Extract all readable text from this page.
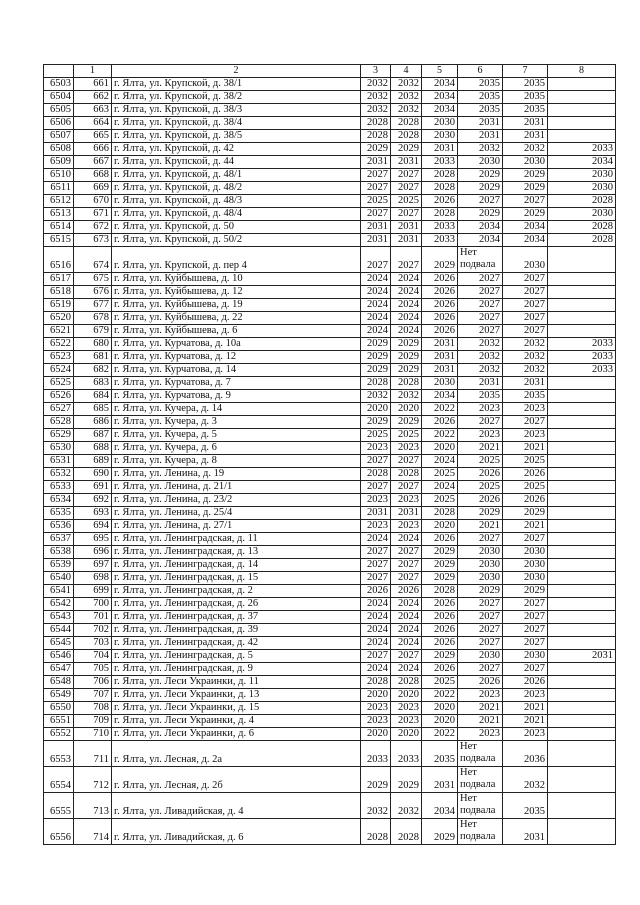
	1	2	3	4	5	6	7	8
6503	661	г. Ялта, ул. Крупской, д. 38/1	2032	2032	2034	2035	2035	
6504	662	г. Ялта, ул. Крупской, д. 38/2	2032	2032	2034	2035	2035	
6505	663	г. Ялта, ул. Крупской, д. 38/3	2032	2032	2034	2035	2035	
6506	664	г. Ялта, ул. Крупской, д. 38/4	2028	2028	2030	2031	2031	
6507	665	г. Ялта, ул. Крупской, д. 38/5	2028	2028	2030	2031	2031	
6508	666	г. Ялта, ул. Крупской, д. 42	2029	2029	2031	2032	2032	2033
6509	667	г. Ялта, ул. Крупской, д. 44	2031	2031	2033	2030	2030	2034
6510	668	г. Ялта, ул. Крупской, д. 48/1	2027	2027	2028	2029	2029	2030
6511	669	г. Ялта, ул. Крупской, д. 48/2	2027	2027	2028	2029	2029	2030
6512	670	г. Ялта, ул. Крупской, д. 48/3	2025	2025	2026	2027	2027	2028
6513	671	г. Ялта, ул. Крупской, д. 48/4	2027	2027	2028	2029	2029	2030
6514	672	г. Ялта, ул. Крупской, д. 50	2031	2031	2033	2034	2034	2028
6515	673	г. Ялта, ул. Крупской, д. 50/2	2031	2031	2033	2034	2034	2028
6516	674	г. Ялта, ул. Крупской, д. пер 4	2027	2027	2029	Нет подвала	2030	
6517	675	г. Ялта, ул. Куйбышева, д. 10	2024	2024	2026	2027	2027	
6518	676	г. Ялта, ул. Куйбышева, д. 12	2024	2024	2026	2027	2027	
6519	677	г. Ялта, ул. Куйбышева, д. 19	2024	2024	2026	2027	2027	
6520	678	г. Ялта, ул. Куйбышева, д. 22	2024	2024	2026	2027	2027	
6521	679	г. Ялта, ул. Куйбышева, д. 6	2024	2024	2026	2027	2027	
6522	680	г. Ялта, ул. Курчатова, д. 10а	2029	2029	2031	2032	2032	2033
6523	681	г. Ялта, ул. Курчатова, д. 12	2029	2029	2031	2032	2032	2033
6524	682	г. Ялта, ул. Курчатова, д. 14	2029	2029	2031	2032	2032	2033
6525	683	г. Ялта, ул. Курчатова, д. 7	2028	2028	2030	2031	2031	
6526	684	г. Ялта, ул. Курчатова, д. 9	2032	2032	2034	2035	2035	
6527	685	г. Ялта, ул. Кучера, д. 14	2020	2020	2022	2023	2023	
6528	686	г. Ялта, ул. Кучера, д. 3	2029	2029	2026	2027	2027	
6529	687	г. Ялта, ул. Кучера, д. 5	2025	2025	2022	2023	2023	
6530	688	г. Ялта, ул. Кучера, д. 6	2023	2023	2020	2021	2021	
6531	689	г. Ялта, ул. Кучера, д. 8	2027	2027	2024	2025	2025	
6532	690	г. Ялта, ул. Ленина, д. 19	2028	2028	2025	2026	2026	
6533	691	г. Ялта, ул. Ленина, д. 21/1	2027	2027	2024	2025	2025	
6534	692	г. Ялта, ул. Ленина, д. 23/2	2023	2023	2025	2026	2026	
6535	693	г. Ялта, ул. Ленина, д. 25/4	2031	2031	2028	2029	2029	
6536	694	г. Ялта, ул. Ленина, д. 27/1	2023	2023	2020	2021	2021	
6537	695	г. Ялта, ул. Ленинградская, д. 11	2024	2024	2026	2027	2027	
6538	696	г. Ялта, ул. Ленинградская, д. 13	2027	2027	2029	2030	2030	
6539	697	г. Ялта, ул. Ленинградская, д. 14	2027	2027	2029	2030	2030	
6540	698	г. Ялта, ул. Ленинградская, д. 15	2027	2027	2029	2030	2030	
6541	699	г. Ялта, ул. Ленинградская, д. 2	2026	2026	2028	2029	2029	
6542	700	г. Ялта, ул. Ленинградская, д. 26	2024	2024	2026	2027	2027	
6543	701	г. Ялта, ул. Ленинградская, д. 37	2024	2024	2026	2027	2027	
6544	702	г. Ялта, ул. Ленинградская, д. 39	2024	2024	2026	2027	2027	
6545	703	г. Ялта, ул. Ленинградская, д. 42	2024	2024	2026	2027	2027	
6546	704	г. Ялта, ул. Ленинградская, д. 5	2027	2027	2029	2030	2030	2031
6547	705	г. Ялта, ул. Ленинградская, д. 9	2024	2024	2026	2027	2027	
6548	706	г. Ялта, ул. Леси Украинки, д. 11	2028	2028	2025	2026	2026	
6549	707	г. Ялта, ул. Леси Украинки, д. 13	2020	2020	2022	2023	2023	
6550	708	г. Ялта, ул. Леси Украинки, д. 15	2023	2023	2020	2021	2021	
6551	709	г. Ялта, ул. Леси Украинки, д. 4	2023	2023	2020	2021	2021	
6552	710	г. Ялта, ул. Леси Украинки, д. 6	2020	2020	2022	2023	2023	
6553	711	г. Ялта, ул. Лесная, д. 2а	2033	2033	2035	Нет подвала	2036	
6554	712	г. Ялта, ул. Лесная, д. 2б	2029	2029	2031	Нет подвала	2032	
6555	713	г. Ялта, ул. Ливадийская, д. 4	2032	2032	2034	Нет подвала	2035	
6556	714	г. Ялта, ул. Ливадийская, д. 6	2028	2028	2029	Нет подвала	2031	
